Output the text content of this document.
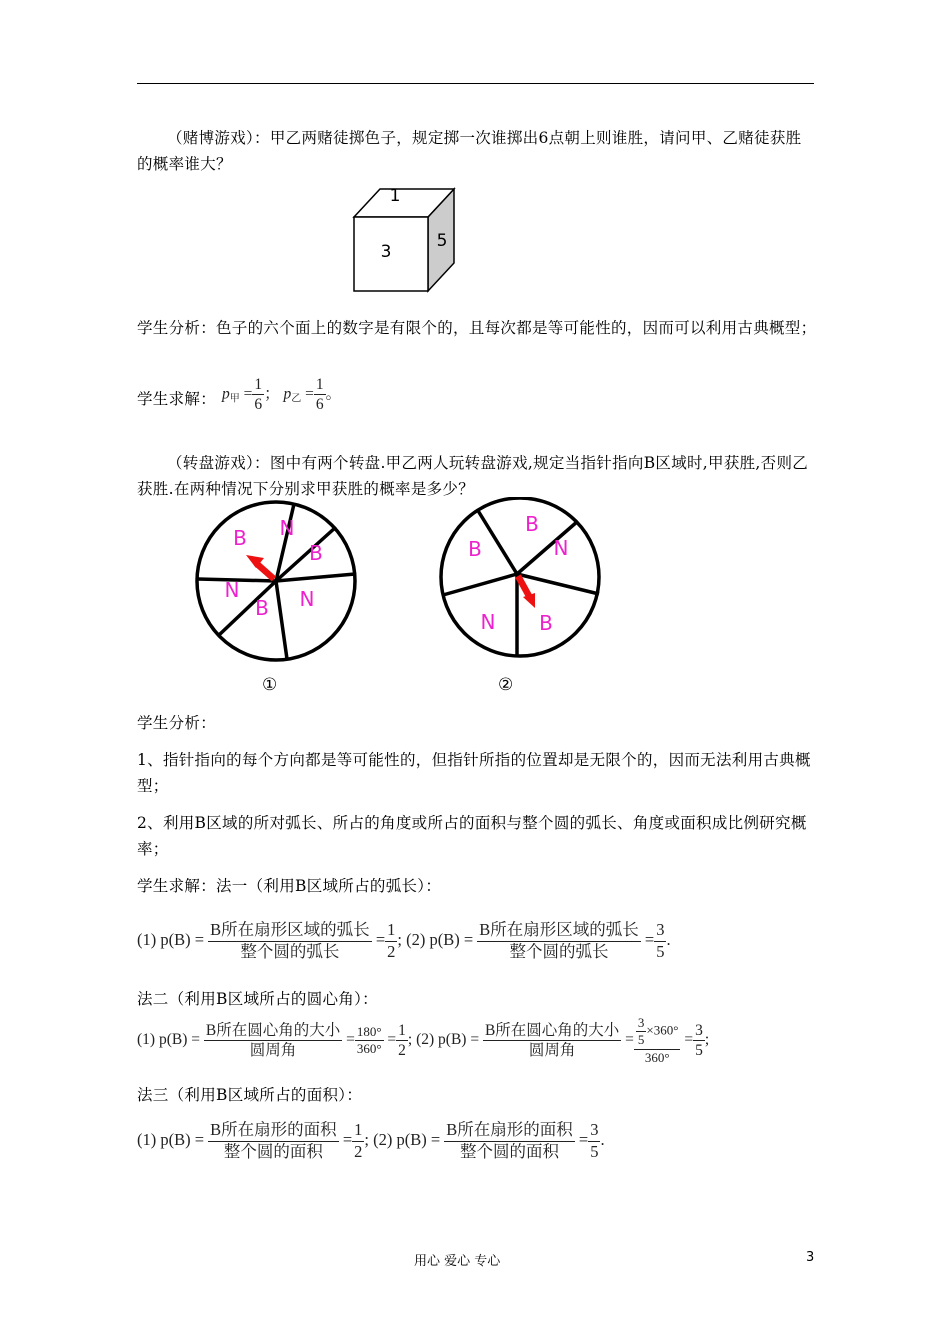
（赌博游戏）：甲乙两赌徒掷色子，规定掷一次谁掷出6点朝上则谁胜，请问甲、乙赌徒获胜的概率谁大？
1
3
5
学生分析：色子的六个面上的数字是有限个的，且每次都是等可能性的，因而可以利用古典概型；
学生求解： $p_甲 = \frac{1}{6}$ ； $p_乙 = \frac{1}{6}$ 。
（转盘游戏）：图中有两个转盘.甲乙两人玩转盘游戏,规定当指针指向B区域时,甲获胜,否则乙获胜.在两种情况下分别求甲获胜的概率是多少？
B N
B
N
B N
B
B	N
N B
①	②
学生分析：
1、指针指向的每个方向都是等可能性的，但指针所指的位置却是无限个的，因而无法利用古典概型；
2、利用B区域的所对弧长、所占的角度或所占的面积与整个圆的弧长、角度或面积成比例研究概率；
学生求解：法一（利用B区域所占的弧长）：
(1) $p(B) = \frac{\text{B所在扇形区域的弧长}}{\text{整个圆的弧长}} = \frac{1}{2}$ ; (2) $p(B) = \frac{\text{B所在扇形区域的弧长}}{\text{整个圆的弧长}} = \frac{3}{5}$ .
法二（利用B区域所占的圆心角）：
(1) $p(B) = \frac{\text{B所在圆心角的大小}}{\text{圆周角}} = \frac{180^\circ}{360^\circ} = \frac{1}{2}$ ; (2) $p(B) = \frac{\text{B所在圆心角的大小}}{\text{圆周角}} = \frac{\frac{3}{5} \times 360^\circ}{360^\circ} = \frac{3}{5}$ ;
法三（利用B区域所占的面积）：
(1) $p(B) = \frac{\text{B所在扇形的面积}}{\text{整个圆的面积}} = \frac{1}{2}$ ; (2) $p(B) = \frac{\text{B所在扇形的面积}}{\text{整个圆的面积}} = \frac{3}{5}$ .
用心 爱心 专心	3
